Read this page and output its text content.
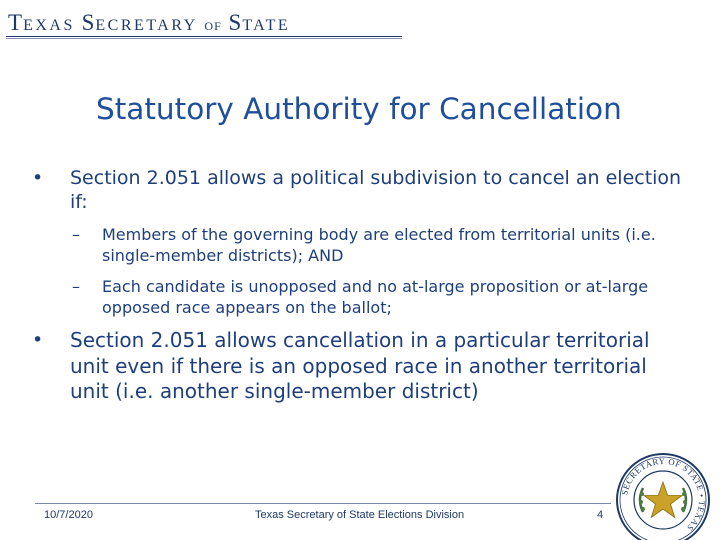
TEXAS SECRETARY OF STATE
Statutory Authority for Cancellation
• Section 2.051 allows a political subdivision to cancel an election if:
– Members of the governing body are elected from territorial units (i.e. single-member districts); AND
– Each candidate is unopposed and no at-large proposition or at-large opposed race appears on the ballot;
• Section 2.051 allows cancellation in a particular territorial unit even if there is an opposed race in another territorial unit (i.e. another single-member district)
10/7/2020	Texas Secretary of State Elections Division	4
SECRETARY OF STATE • TEXAS
